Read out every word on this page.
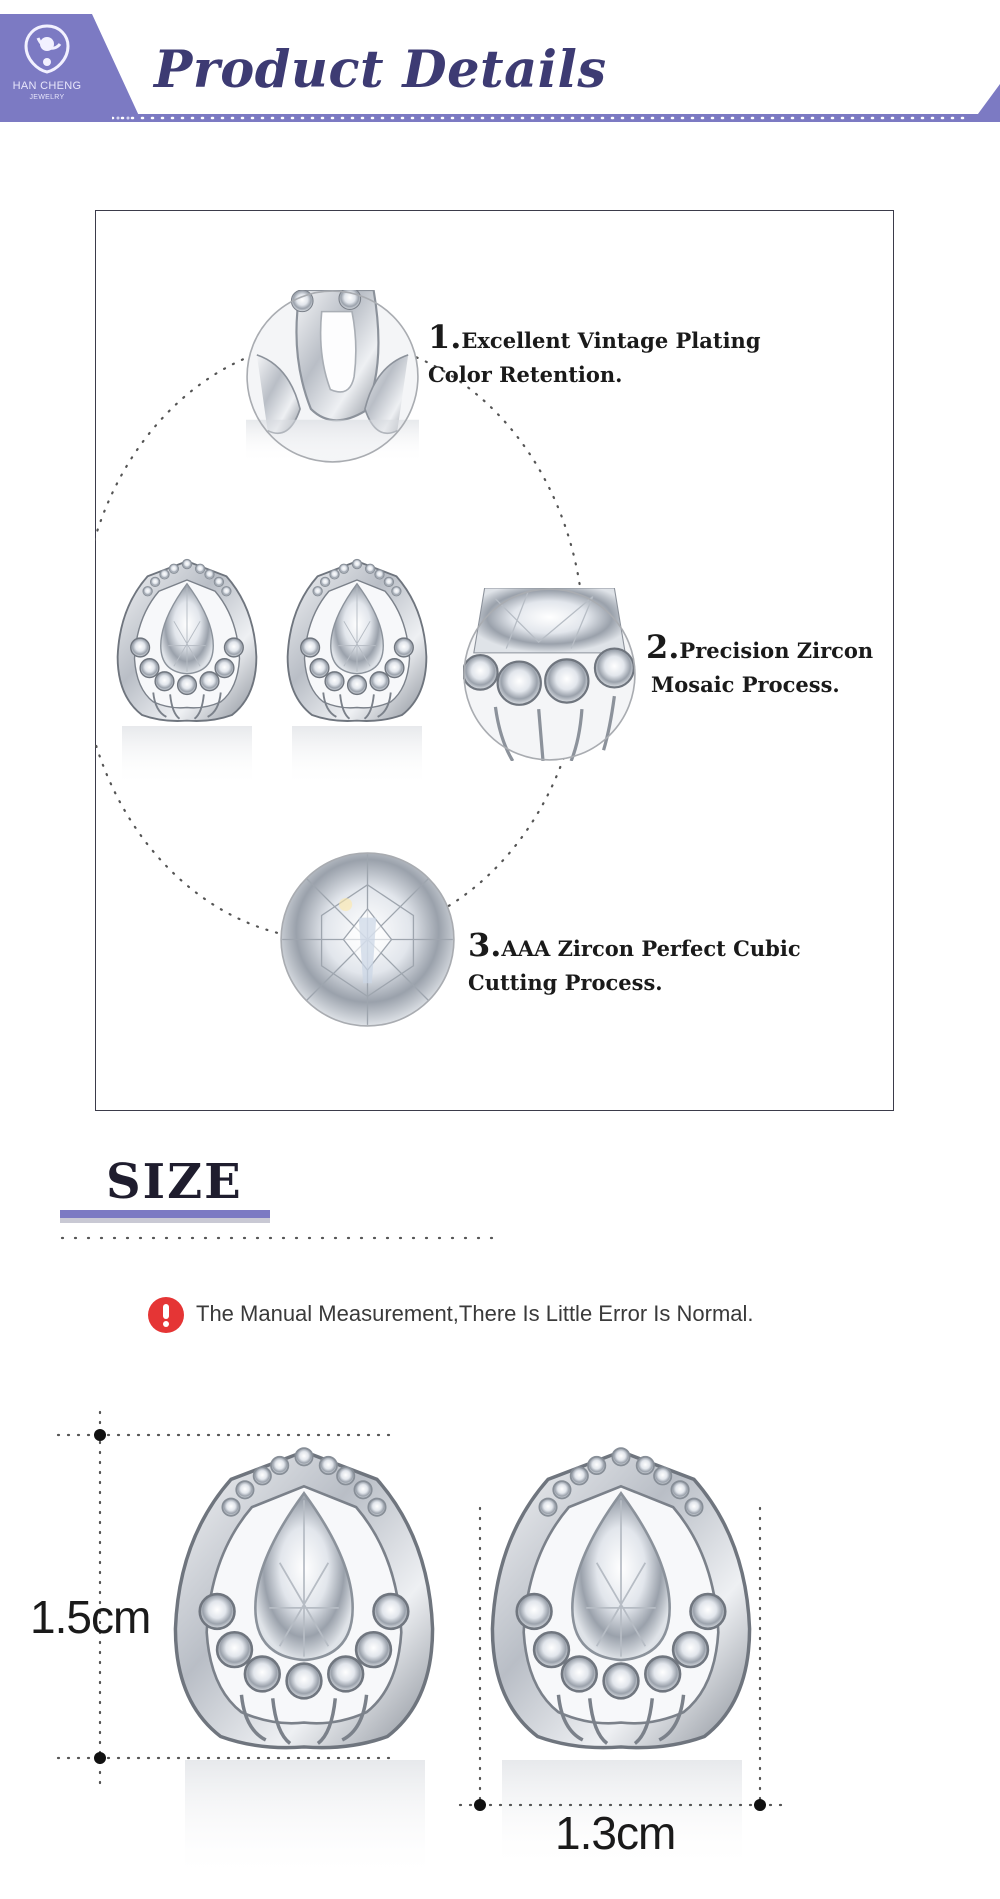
HAN CHENG
JEWELRY	Product Details
1.Excellent Vintage Plating
Color Retention.
2.Precision Zircon
Mosaic Process.
3.AAA Zircon Perfect Cubic
Cutting Process.
SIZE
The Manual Measurement,There Is Little Error Is Normal.
1.5cm
1.3cm
